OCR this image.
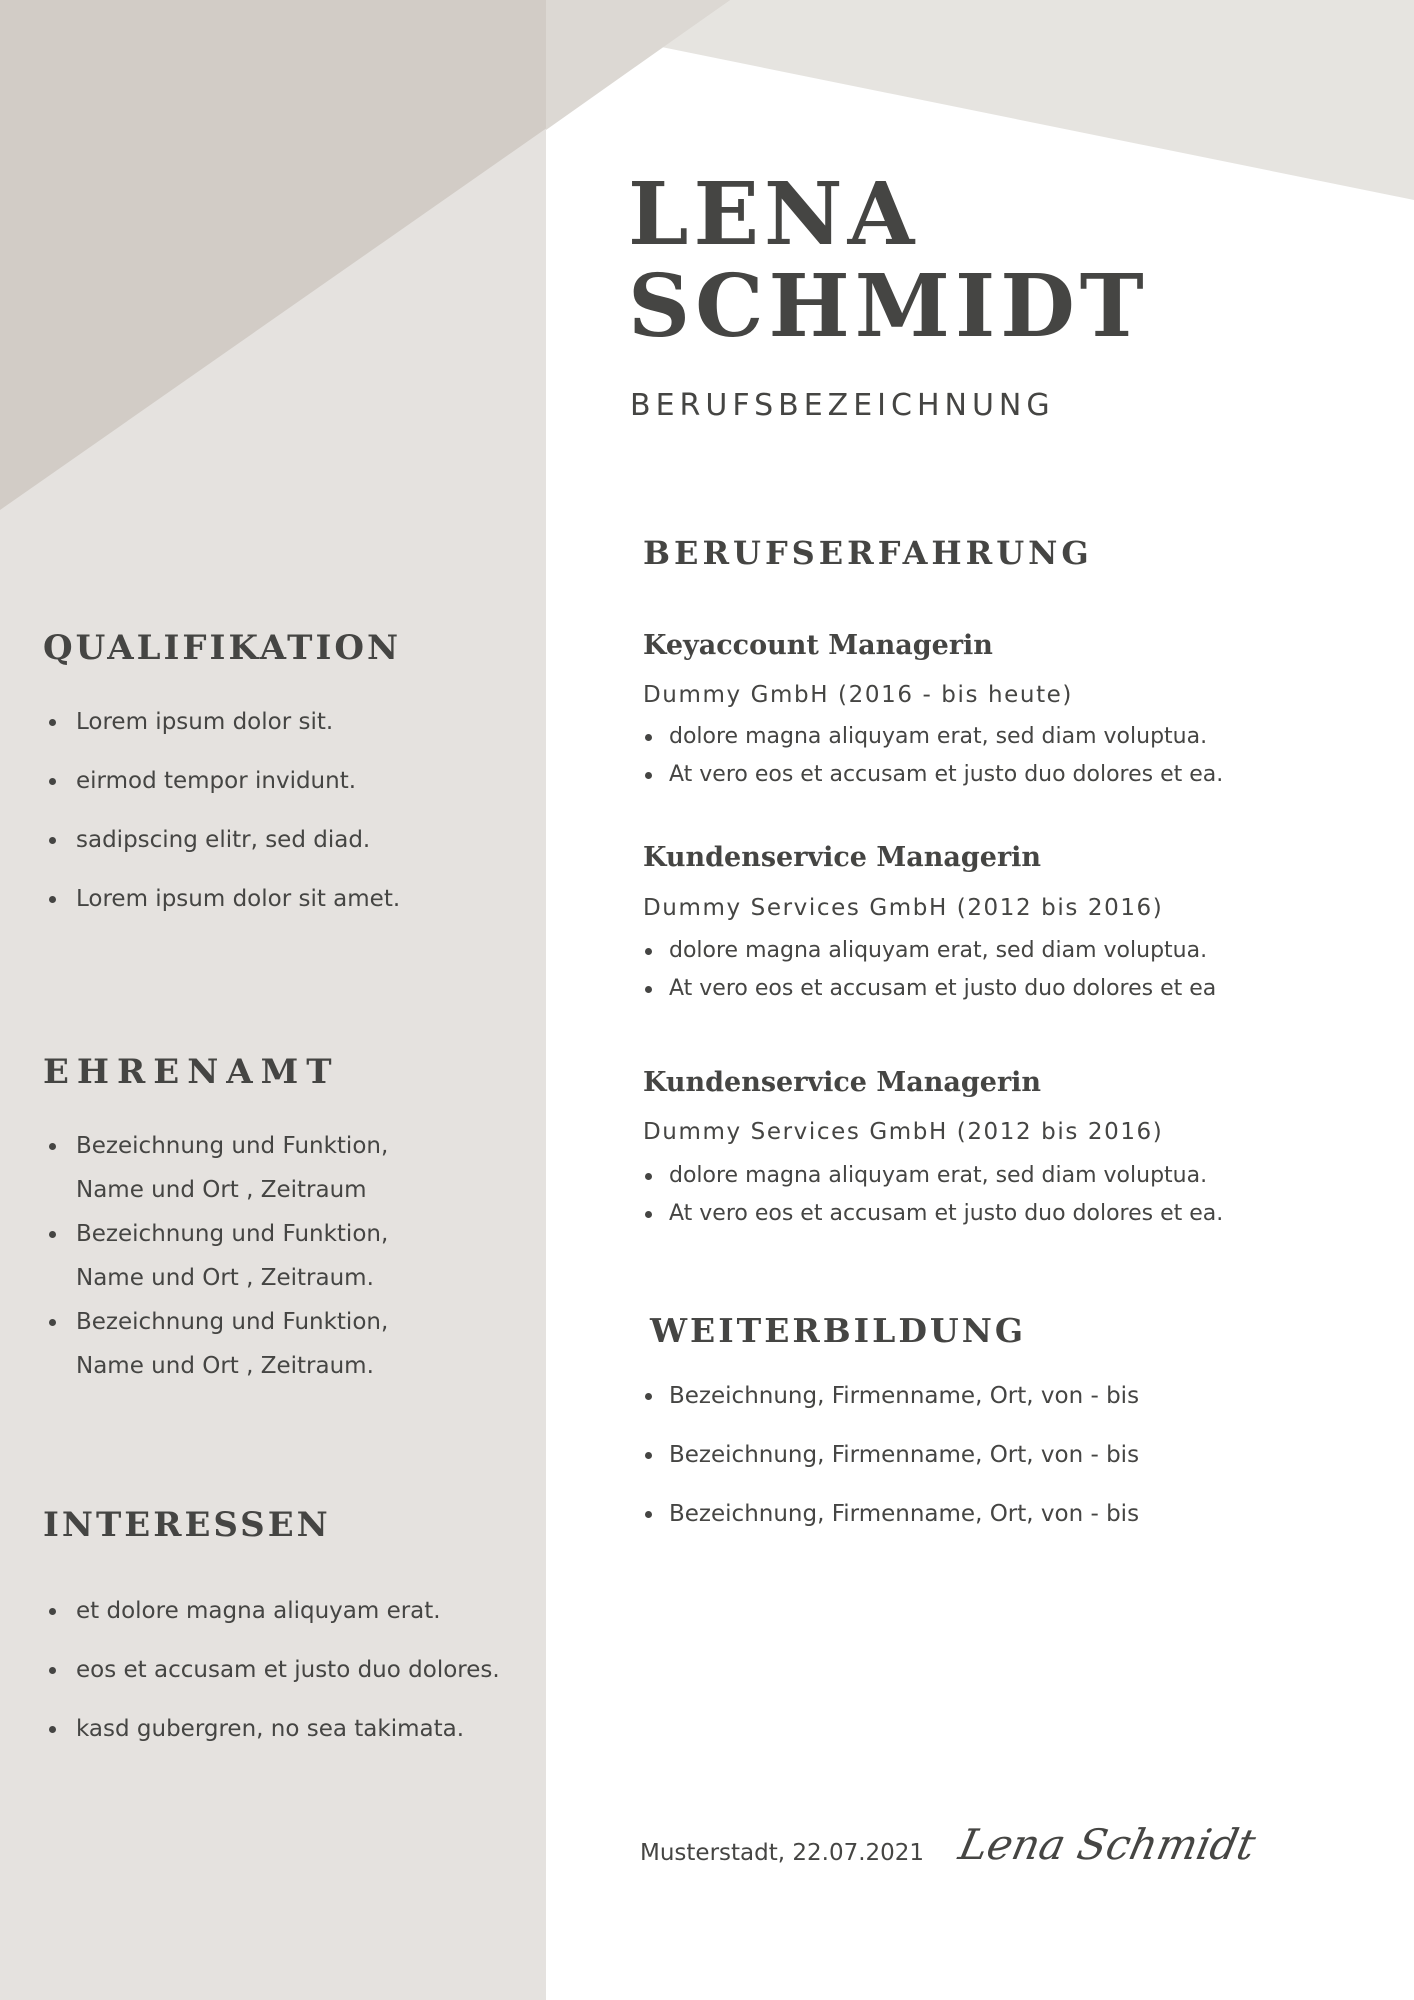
LENA
SCHMIDT
BERUFSBEZEICHNUNG
QUALIFIKATION
Lorem ipsum dolor sit.
eirmod tempor invidunt.
sadipscing elitr, sed diad.
Lorem ipsum dolor sit amet.
EHRENAMT
Bezeichnung und Funktion, Name und Ort , Zeitraum
Bezeichnung und Funktion, Name und Ort , Zeitraum.
Bezeichnung und Funktion, Name und Ort , Zeitraum.
INTERESSEN
et dolore magna aliquyam erat.
eos et accusam et justo duo dolores.
kasd gubergren, no sea takimata.
BERUFSERFAHRUNG
Keyaccount Managerin
Dummy GmbH (2016 - bis heute)
dolore magna aliquyam erat, sed diam voluptua.
At vero eos et accusam et justo duo dolores et ea.
Kundenservice Managerin
Dummy Services GmbH (2012 bis 2016)
dolore magna aliquyam erat, sed diam voluptua.
At vero eos et accusam et justo duo dolores et ea
Kundenservice Managerin
Dummy Services GmbH (2012 bis 2016)
dolore magna aliquyam erat, sed diam voluptua.
At vero eos et accusam et justo duo dolores et ea.
WEITERBILDUNG
Bezeichnung, Firmenname, Ort, von - bis
Bezeichnung, Firmenname, Ort, von - bis
Bezeichnung, Firmenname, Ort, von - bis
Musterstadt, 22.07.2021 Lena Schmidt
